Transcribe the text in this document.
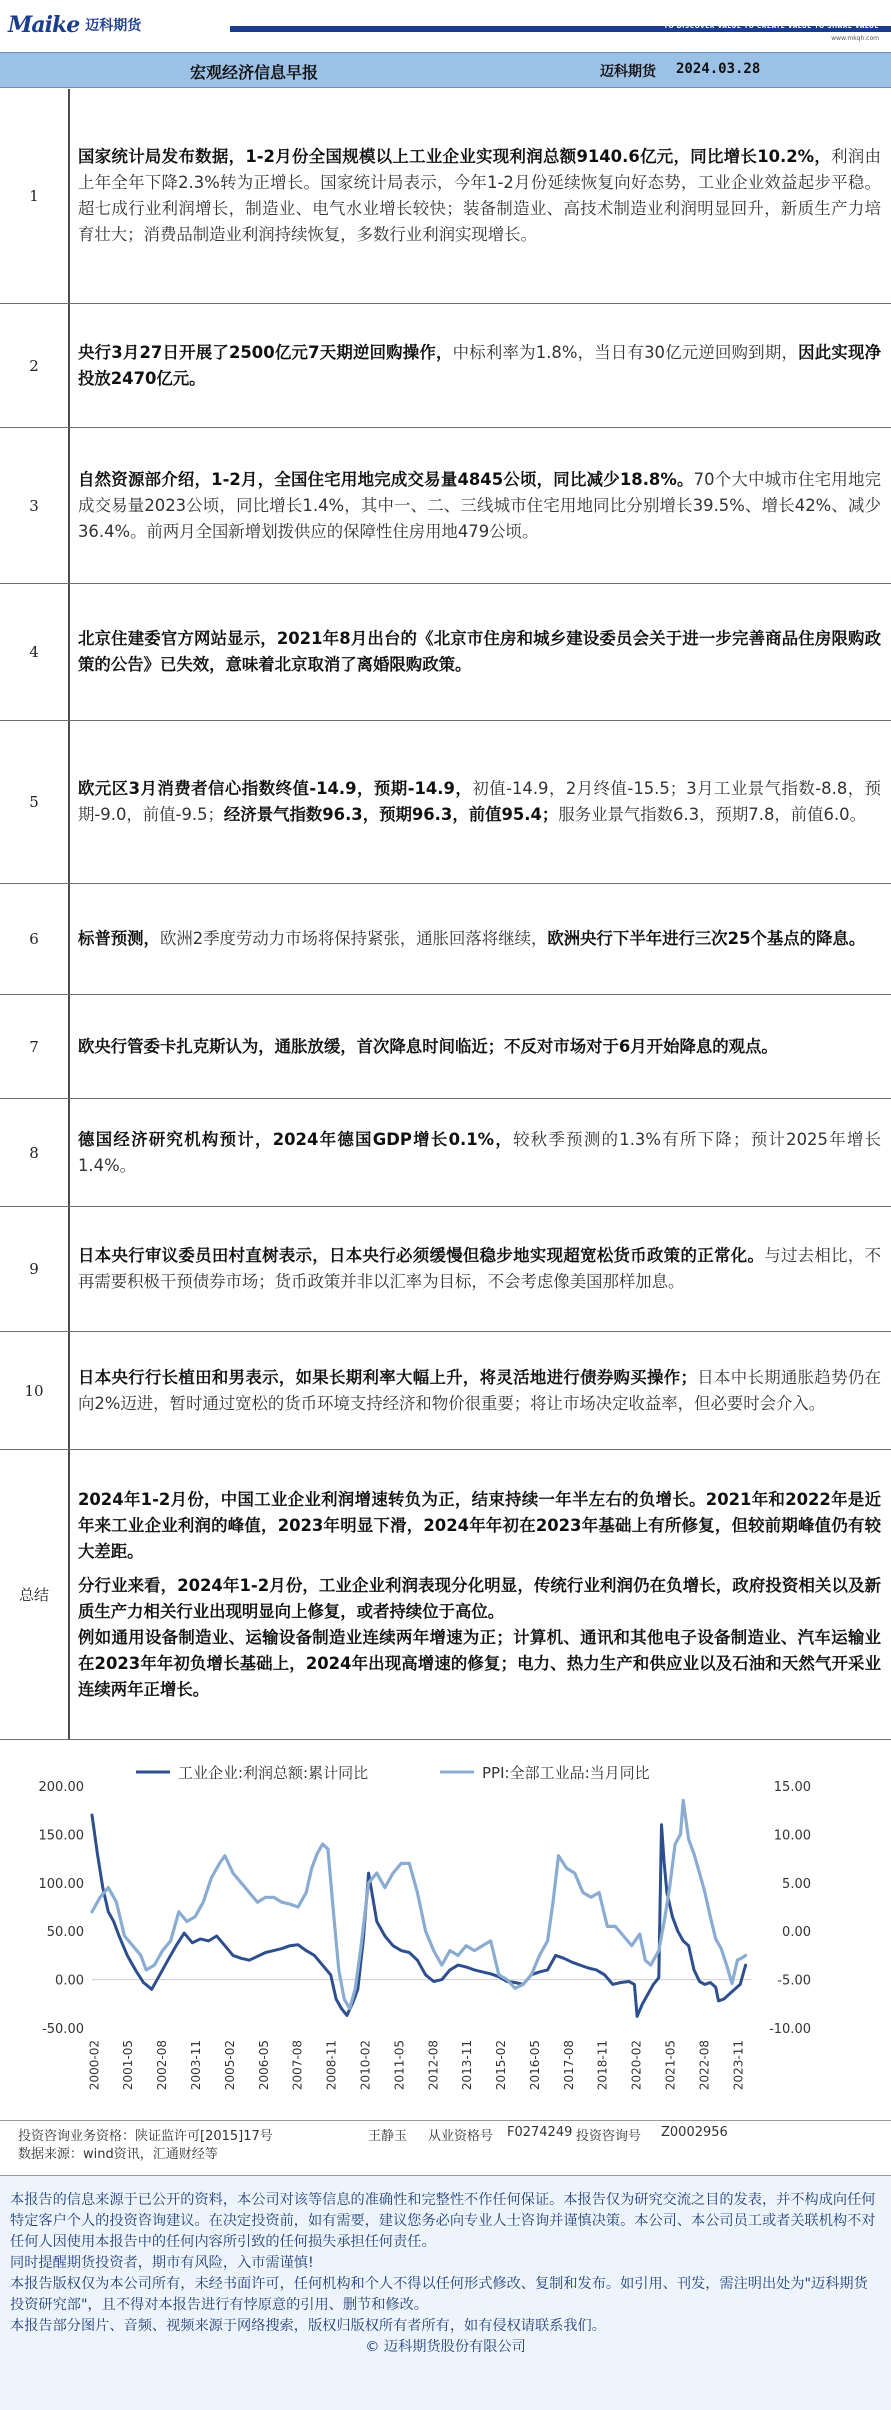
Maike 迈科期货	TO DISCOVER VALUE TO CREATE VALUE TO SHARE VALUE
www.mkqh.com
宏观经济信息早报	迈科期货 2024.03.28
1

国家统计局发布数据，1-2月份全国规模以上工业企业实现利润总额9140.6亿元，同比增长10.2%，利润由上年全年下降2.3%转为正增长。国家统计局表示，今年1-2月份延续恢复向好态势，工业企业效益起步平稳。超七成行业利润增长，制造业、电气水业增长较快；装备制造业、高技术制造业利润明显回升，新质生产力培育壮大；消费品制造业利润持续恢复，多数行业利润实现增长。

2

央行3月27日开展了2500亿元7天期逆回购操作，中标利率为1.8%，当日有30亿元逆回购到期，因此实现净投放2470亿元。

3

自然资源部介绍，1-2月，全国住宅用地完成交易量4845公顷，同比减少18.8%。70个大中城市住宅用地完成交易量2023公顷，同比增长1.4%，其中一、二、三线城市住宅用地同比分别增长39.5%、增长42%、减少36.4%。前两月全国新增划拨供应的保障性住房用地479公顷。

4

北京住建委官方网站显示，2021年8月出台的《北京市住房和城乡建设委员会关于进一步完善商品住房限购政策的公告》已失效，意味着北京取消了离婚限购政策。

5

欧元区3月消费者信心指数终值-14.9，预期-14.9，初值-14.9，2月终值-15.5；3月工业景气指数-8.8，预期-9.0，前值-9.5；经济景气指数96.3，预期96.3，前值95.4；服务业景气指数6.3，预期7.8，前值6.0。

6	标普预测，欧洲2季度劳动力市场将保持紧张，通胀回落将继续，欧洲央行下半年进行三次25个基点的降息。

7	欧央行管委卡扎克斯认为，通胀放缓，首次降息时间临近；不反对市场对于6月开始降息的观点。

8

德国经济研究机构预计，2024年德国GDP增长0.1%，较秋季预测的1.3%有所下降；预计2025年增长1.4%。

9

日本央行审议委员田村直树表示，日本央行必须缓慢但稳步地实现超宽松货币政策的正常化。与过去相比，不再需要积极干预债券市场；货币政策并非以汇率为目标，不会考虑像美国那样加息。

10

日本央行行长植田和男表示，如果长期利率大幅上升，将灵活地进行债券购买操作；日本中长期通胀趋势仍在向2%迈进，暂时通过宽松的货币环境支持经济和物价很重要；将让市场决定收益率，但必要时会介入。

总结

2024年1-2月份，中国工业企业利润增速转负为正，结束持续一年半左右的负增长。2021年和2022年是近年来工业企业利润的峰值，2023年明显下滑，2024年年初在2023年基础上有所修复，但较前期峰值仍有较大差距。

分行业来看，2024年1-2月份，工业企业利润表现分化明显，传统行业利润仍在负增长，政府投资相关以及新质生产力相关行业出现明显向上修复，或者持续位于高位。
例如通用设备制造业、运输设备制造业连续两年增速为正；计算机、通讯和其他电子设备制造业、汽车运输业在2023年年初负增长基础上，2024年出现高增速的修复；电力、热力生产和供应业以及石油和天然气开采业连续两年正增长。

工业企业:利润总额:累计同比	PPI:全部工业品:当月同比
-50.00
0.00
50.00
100.00
150.00
200.00
-10.00
-5.00
0.00
5.00
10.00
15.00
2000-02 2001-05 2002-08 2003-11 2005-02 2006-05 2007-08 2008-11 2010-02 2011-05 2012-08 2013-11 2015-02 2016-05 2017-08 2018-11 2020-02 2021-05 2022-08 2023-11
投资咨询业务资格：陕证监许可[2015]17号	王静玉 从业资格号 F0274249 投资咨询号 Z0002956
数据来源：wind资讯，汇通财经等

本报告的信息来源于已公开的资料，本公司对该等信息的准确性和完整性不作任何保证。本报告仅为研究交流之目的发表，并不构成向任何特定客户个人的投资咨询建议。在决定投资前，如有需要，建议您务必向专业人士咨询并谨慎决策。本公司、本公司员工或者关联机构不对任何人因使用本报告中的任何内容所引致的任何损失承担任何责任。

同时提醒期货投资者，期市有风险，入市需谨慎!

本报告版权仅为本公司所有，未经书面许可，任何机构和个人不得以任何形式修改、复制和发布。如引用、刊发，需注明出处为"迈科期货投资研究部"，且不得对本报告进行有悖原意的引用、删节和修改。

本报告部分图片、音频、视频来源于网络搜索，版权归版权所有者所有，如有侵权请联系我们。

© 迈科期货股份有限公司
